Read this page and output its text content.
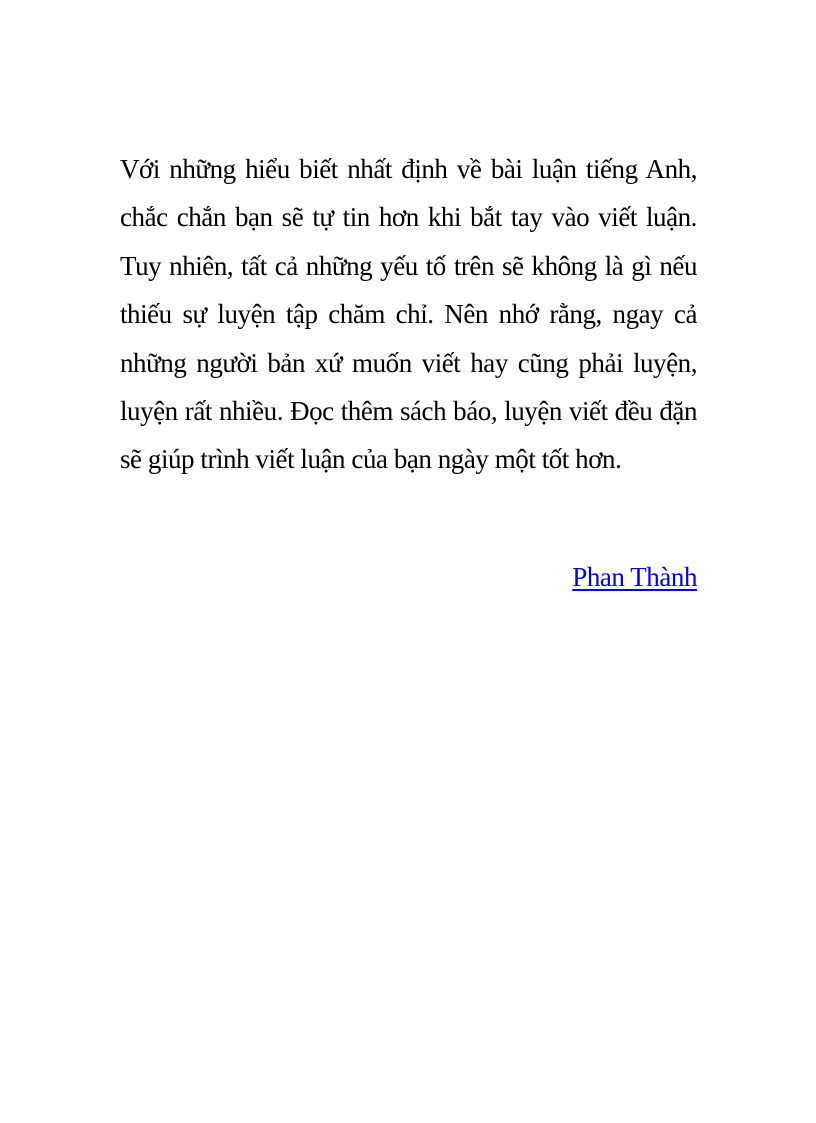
Với những hiểu biết nhất định về bài luận tiếng Anh, chắc chắn bạn sẽ tự tin hơn khi bắt tay vào viết luận. Tuy nhiên, tất cả những yếu tố trên sẽ không là gì nếu thiếu sự luyện tập chăm chỉ. Nên nhớ rằng, ngay cả những người bản xứ muốn viết hay cũng phải luyện, luyện rất nhiều. Đọc thêm sách báo, luyện viết đều đặn sẽ giúp trình viết luận của bạn ngày một tốt hơn.

Phan Thành
